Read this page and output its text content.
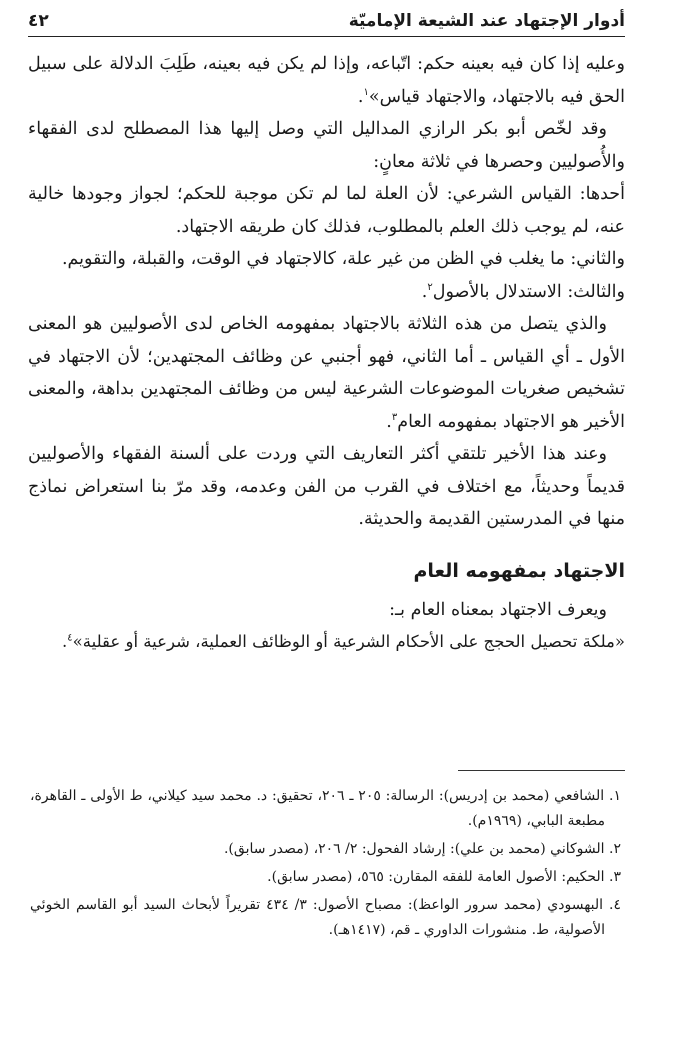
أدوار الإجتهاد عند الشيعة الإماميّة
٤٢

وعليه إذا كان فيه بعينه حكم: اتّباعه، وإذا لم يكن فيه بعينه، طَلِبَ الدلالة على سبيل الحق فيه بالاجتهاد، والاجتهاد قياس»$^١$.

وقد لخّص أبو بكر الرازي المداليل التي وصل إليها هذا المصطلح لدى الفقهاء والأُصوليين وحصرها في ثلاثة معانٍ:

أحدها: القياس الشرعي: لأن العلة لما لم تكن موجبة للحكم؛ لجواز وجودها خالية عنه، لم يوجب ذلك العلم بالمطلوب، فذلك كان طريقه الاجتهاد.

والثاني: ما يغلب في الظن من غير علة، كالاجتهاد في الوقت، والقبلة، والتقويم.

والثالث: الاستدلال بالأصول$^٢$.

والذي يتصل من هذه الثلاثة بالاجتهاد بمفهومه الخاص لدى الأصوليين هو المعنى الأول ـ أي القياس ـ أما الثاني، فهو أجنبي عن وظائف المجتهدين؛ لأن الاجتهاد في تشخيص صغريات الموضوعات الشرعية ليس من وظائف المجتهدين بداهة، والمعنى الأخير هو الاجتهاد بمفهومه العام$^٣$.

وعند هذا الأخير تلتقي أكثر التعاريف التي وردت على ألسنة الفقهاء والأصوليين قديماً وحديثاً، مع اختلاف في القرب من الفن وعدمه، وقد مرّ بنا استعراض نماذج منها في المدرستين القديمة والحديثة.

الاجتهاد بمفهومه العام

ويعرف الاجتهاد بمعناه العام بـ:

«ملكة تحصيل الحجج على الأحكام الشرعية أو الوظائف العملية، شرعية أو عقلية»$^٤$.

١. الشافعي (محمد بن إدريس): الرسالة: ٢٠٥ ـ ٢٠٦، تحقيق: د. محمد سيد كيلاني، ط الأولى ـ القاهرة، مطبعة البابي، (١٩٦٩م).

٢. الشوكاني (محمد بن علي): إرشاد الفحول: ٢/ ٢٠٦، (مصدر سابق).

٣. الحكيم: الأصول العامة للفقه المقارن: ٥٦٥، (مصدر سابق).

٤. البهسودي (محمد سرور الواعظ): مصباح الأصول: ٣/ ٤٣٤ تقريراً لأبحاث السيد أبو القاسم الخوئي الأصولية، ط. منشورات الداوري ـ قم، (١٤١٧هـ).
